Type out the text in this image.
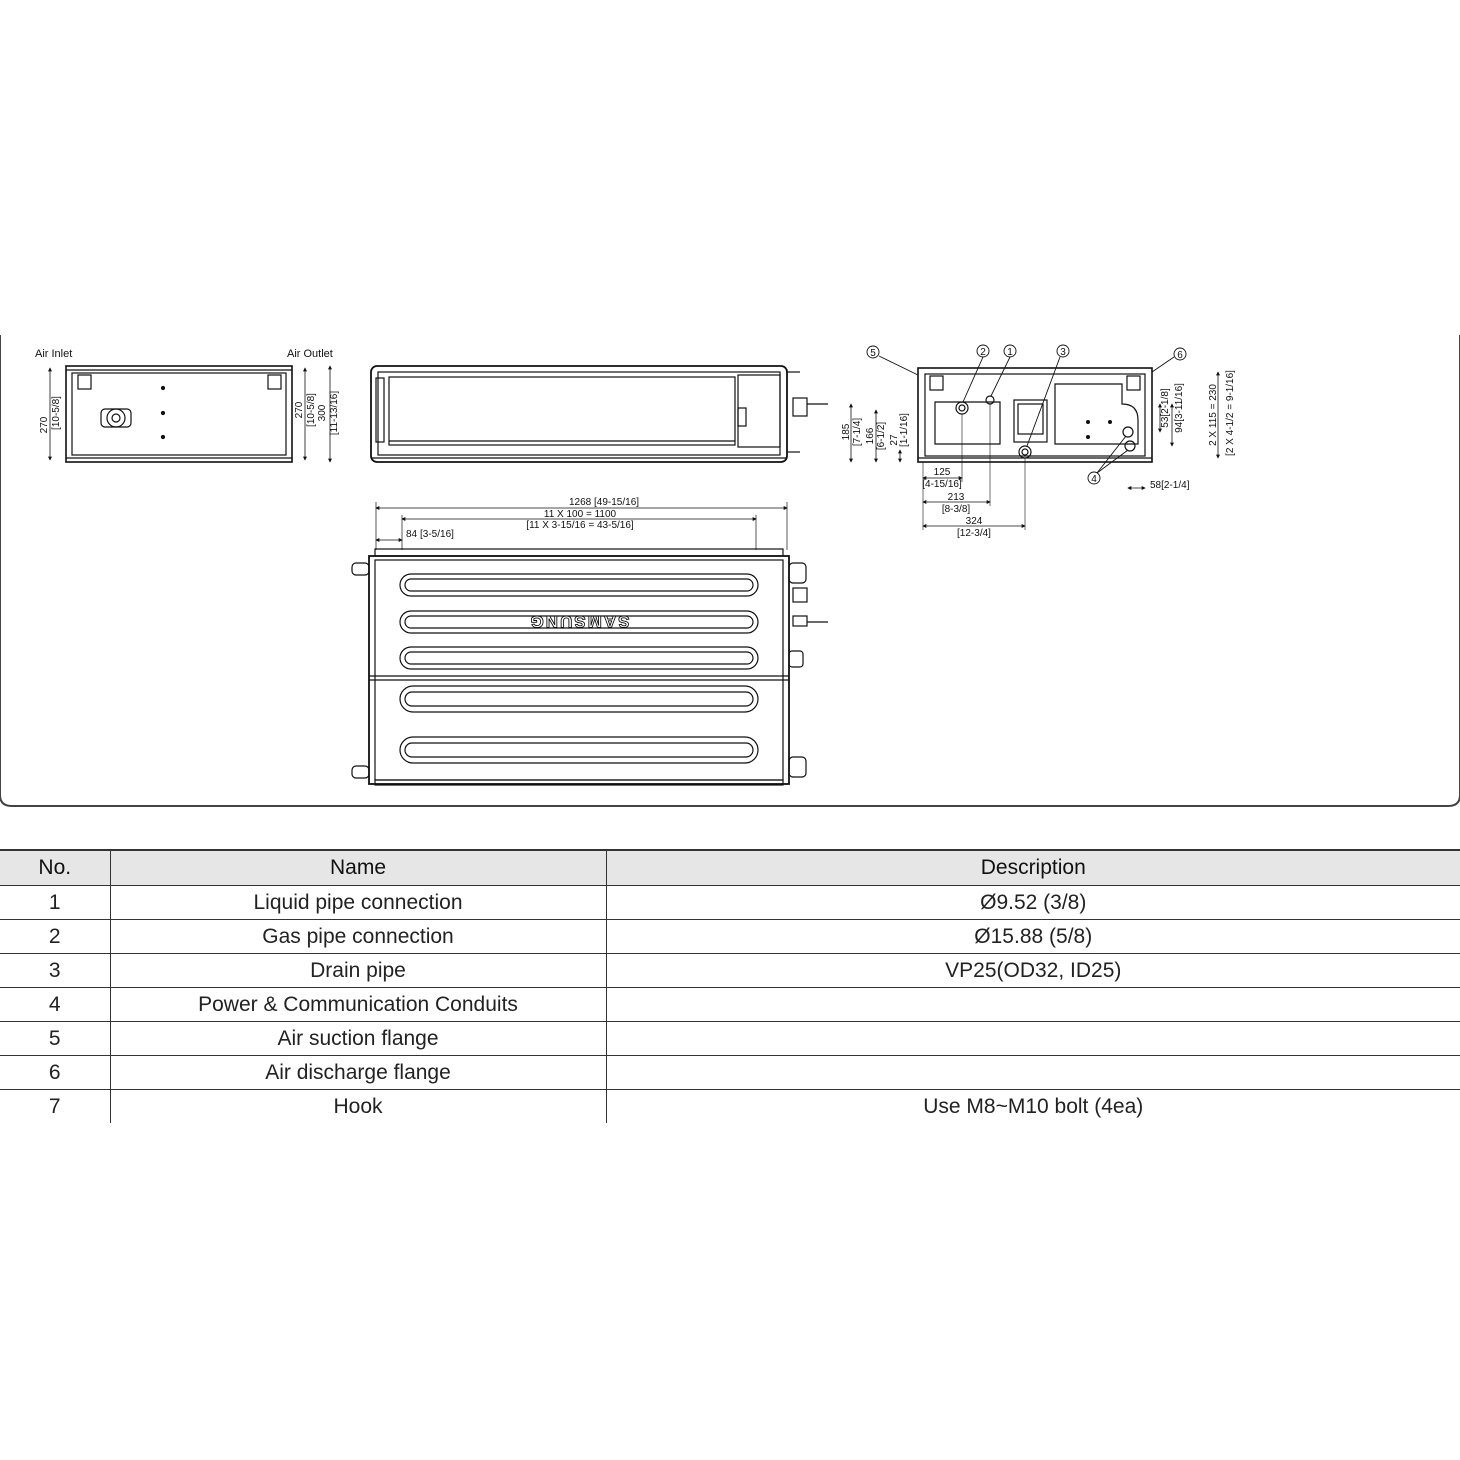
Air Inlet	Air Outlet
270 [10-5/8]	270 [10-5/8] 300 [11-13/16]
1268 [49-15/16]
11 X 100 = 1100
[11 X 3-15/16 = 43-5/16]
84 [3-5/16]
SAMSUNG
185 [7-1/4] 166 [6-1/2] 27 [1-1/16]
125
[4-15/16]
213
[8-3/8]
324
[12-3/4]
58[2-1/4]
53[2-1/8] 94[3-11/16] 2 X 115 = 230 [2 X 4-1/2 = 9-1/16]
5	2 1	3	6
4
No.	Name	Description
1	Liquid pipe connection	Ø9.52 (3/8)
2	Gas pipe connection	Ø15.88 (5/8)
3	Drain pipe	VP25(OD32, ID25)
4	Power & Communication Conduits	
5	Air suction flange	
6	Air discharge flange	
7	Hook	Use M8~M10 bolt (4ea)
